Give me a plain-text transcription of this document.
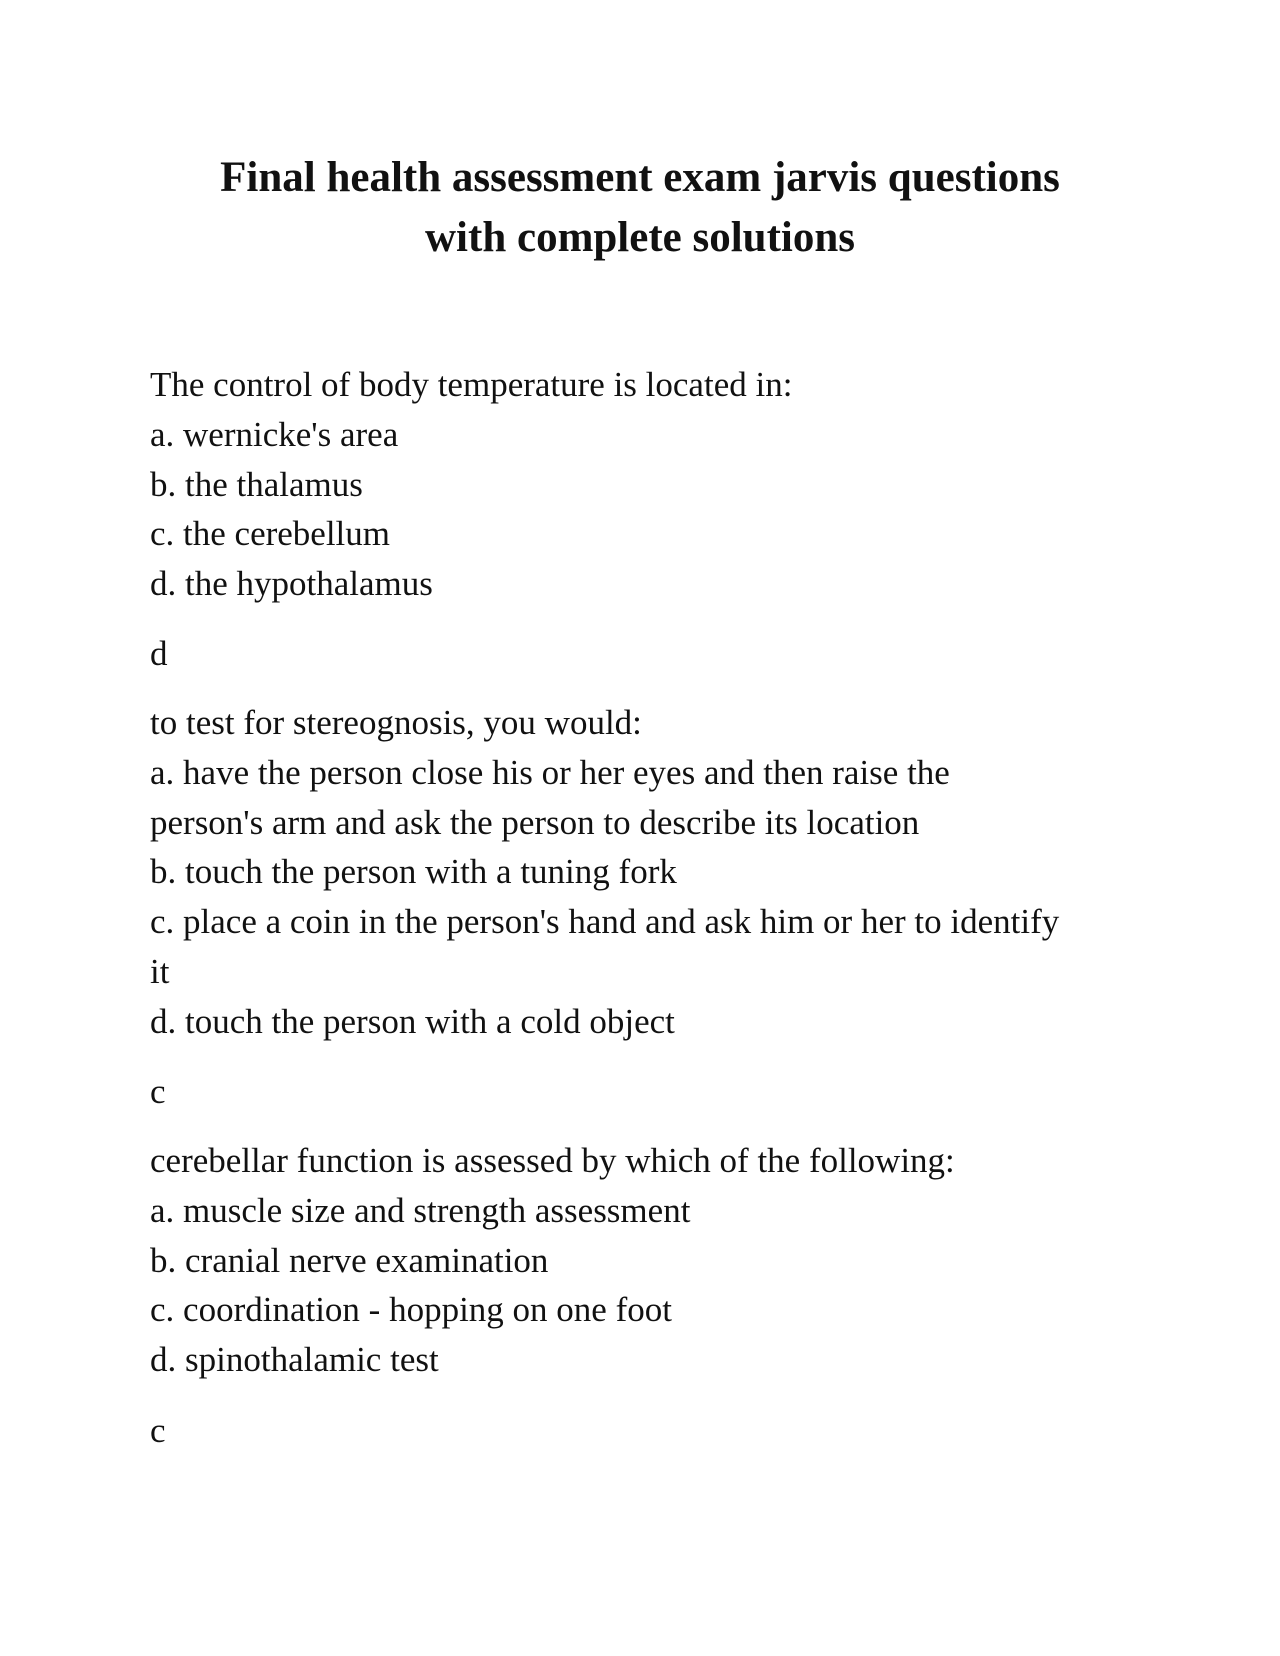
Final health assessment exam jarvis questions
with complete solutions
The control of body temperature is located in:
a. wernicke's area
b. the thalamus
c. the cerebellum
d. the hypothalamus
d
to test for stereognosis, you would:
a. have the person close his or her eyes and then raise the
person's arm and ask the person to describe its location
b. touch the person with a tuning fork
c. place a coin in the person's hand and ask him or her to identify
it
d. touch the person with a cold object
c
cerebellar function is assessed by which of the following:
a. muscle size and strength assessment
b. cranial nerve examination
c. coordination - hopping on one foot
d. spinothalamic test
c
